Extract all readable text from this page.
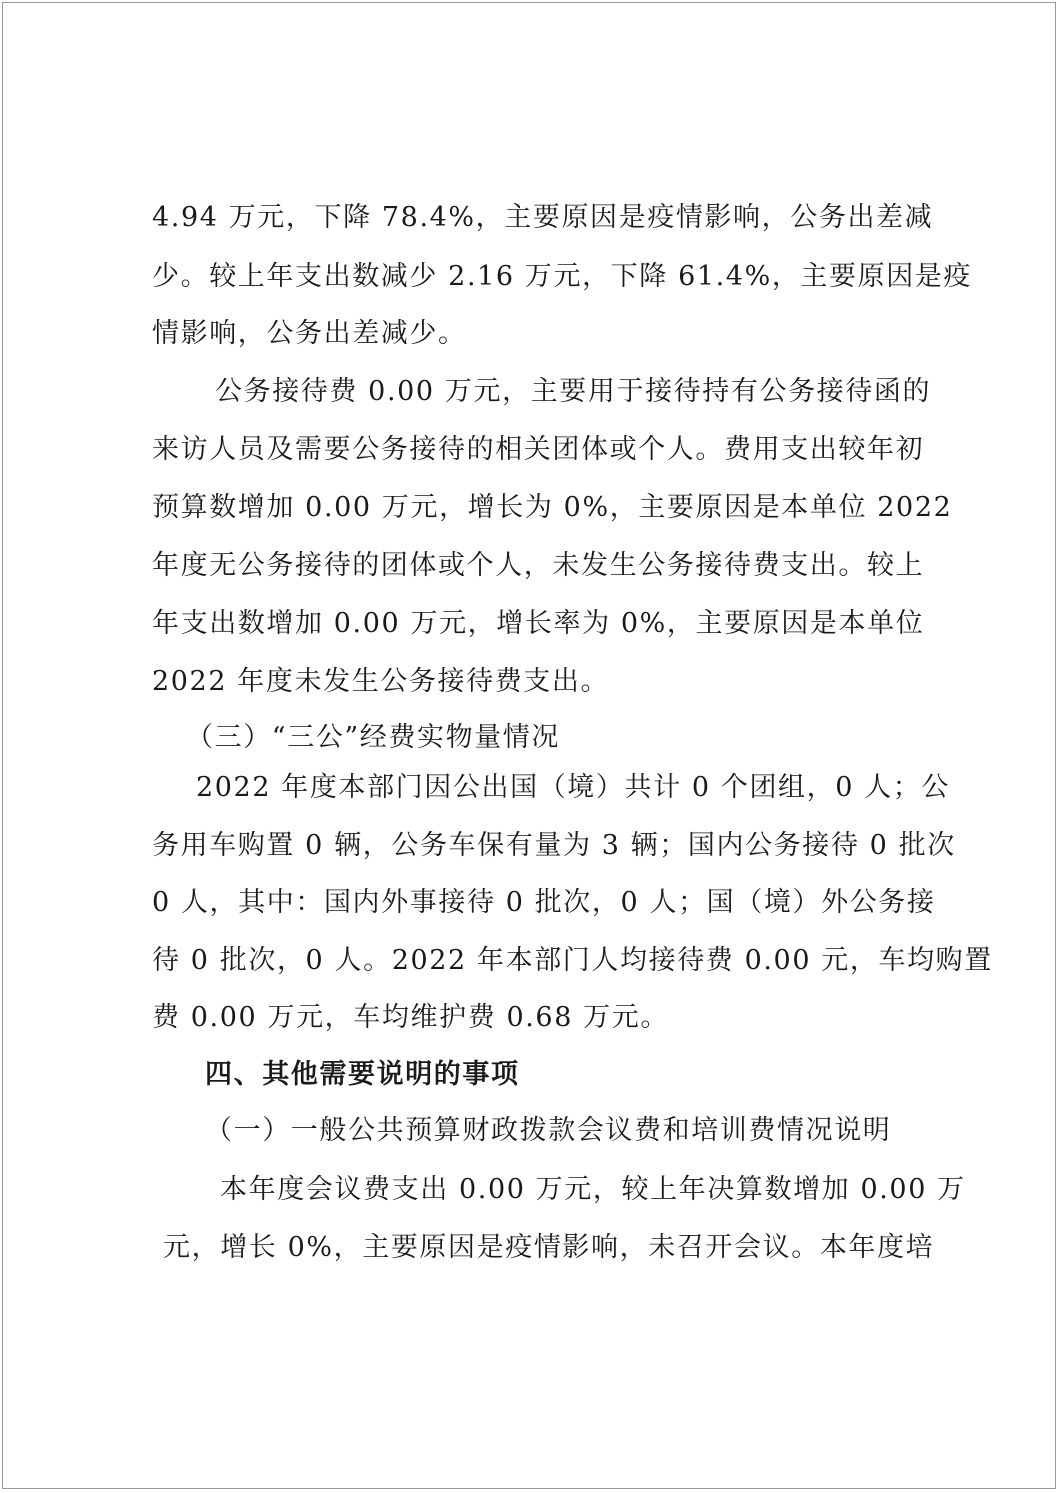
4.94 万元，下降 78.4%，主要原因是疫情影响，公务出差减
少。较上年支出数减少 2.16 万元，下降 61.4%，主要原因是疫
情影响，公务出差减少。
公务接待费 0.00 万元，主要用于接待持有公务接待函的
来访人员及需要公务接待的相关团体或个人。费用支出较年初
预算数增加 0.00 万元，增长为 0%，主要原因是本单位 2022
年度无公务接待的团体或个人，未发生公务接待费支出。较上
年支出数增加 0.00 万元，增长率为 0%，主要原因是本单位
2022 年度未发生公务接待费支出。
（三）“三公”经费实物量情况
2022 年度本部门因公出国（境）共计 0 个团组，0 人；公
务用车购置 0 辆，公务车保有量为 3 辆；国内公务接待 0 批次
0 人，其中：国内外事接待 0 批次，0 人；国（境）外公务接
待 0 批次，0 人。2022 年本部门人均接待费 0.00 元，车均购置
费 0.00 万元，车均维护费 0.68 万元。
四、其他需要说明的事项
（一）一般公共预算财政拨款会议费和培训费情况说明
本年度会议费支出 0.00 万元，较上年决算数增加 0.00 万
元，增长 0%，主要原因是疫情影响，未召开会议。本年度培
